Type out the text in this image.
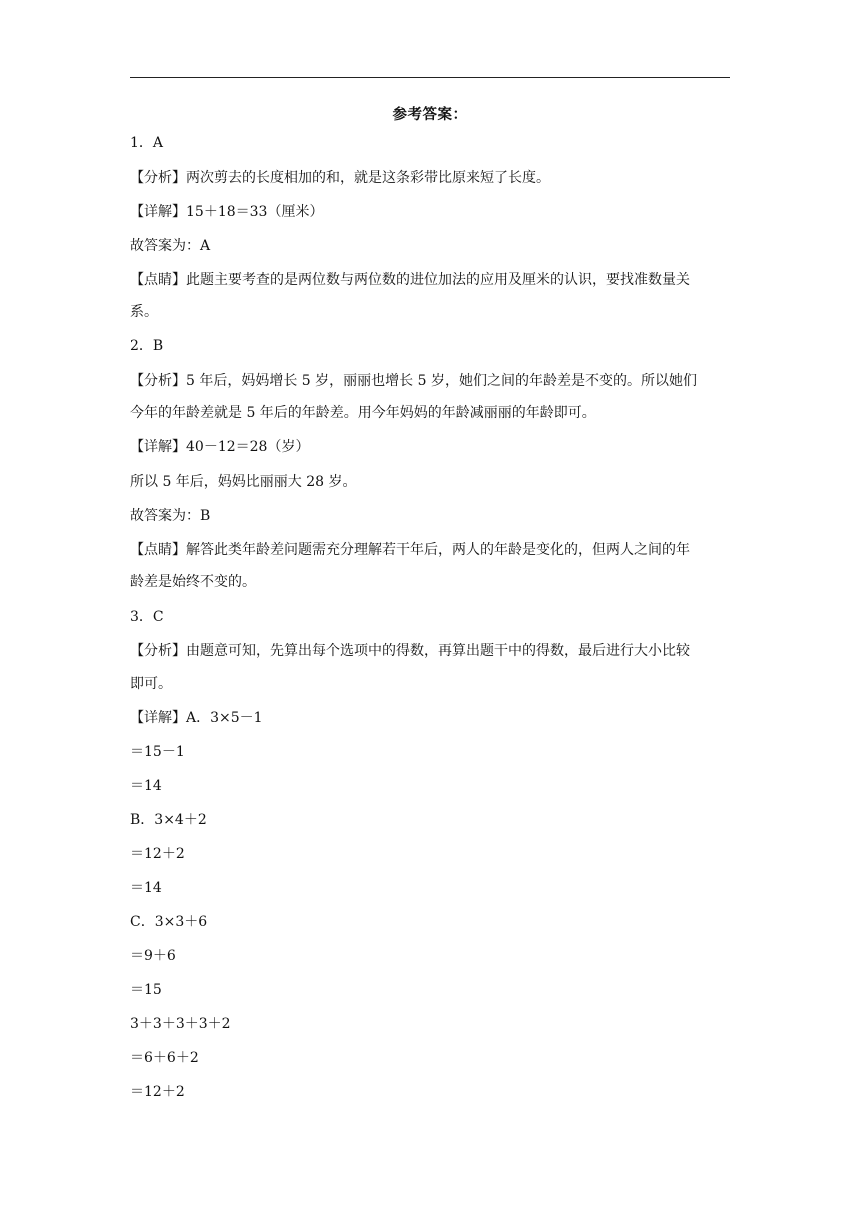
参考答案：
1．A
【分析】两次剪去的长度相加的和，就是这条彩带比原来短了长度。
【详解】15＋18＝33（厘米）
故答案为：A
【点睛】此题主要考查的是两位数与两位数的进位加法的应用及厘米的认识，要找准数量关
系。
2．B
【分析】5 年后，妈妈增长 5 岁，丽丽也增长 5 岁，她们之间的年龄差是不变的。所以她们
今年的年龄差就是 5 年后的年龄差。用今年妈妈的年龄减丽丽的年龄即可。
【详解】40－12＝28（岁）
所以 5 年后，妈妈比丽丽大 28 岁。
故答案为：B
【点睛】解答此类年龄差问题需充分理解若干年后，两人的年龄是变化的，但两人之间的年
龄差是始终不变的。
3．C
【分析】由题意可知，先算出每个选项中的得数，再算出题干中的得数，最后进行大小比较
即可。
【详解】A．3×5－1
＝15－1
＝14
B．3×4＋2
＝12＋2
＝14
C．3×3＋6
＝9＋6
＝15
3＋3＋3＋3＋2
＝6＋6＋2
＝12＋2
